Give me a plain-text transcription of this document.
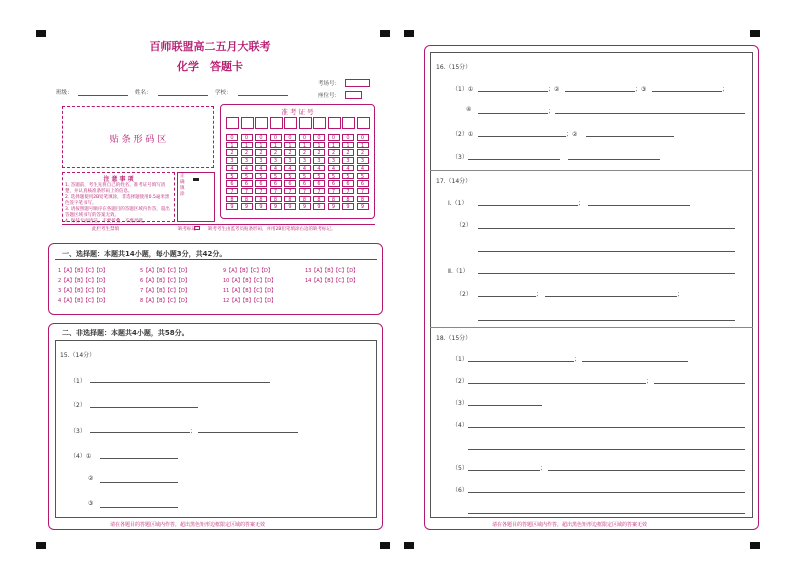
百师联盟高二五月大联考
化学　答题卡
考场号：
座位号：
班级：	姓名：	学校：
贴 条 形 码 区
注 意 事 项
1. 答题前，考生先将自己的姓名、准考证号填写清楚，并认真核准条形码上的信息。
2. 选择题使用2B铅笔填涂，非选择题使用0.5毫米黑色签字笔书写。
3. 请按照题号顺序在各题目的答题区域内作答，超出答题区域书写的答案无效。
4. 保持卡面清洁，不要折叠，不要弄破。
正确填涂
准 考 证 号
0	0	0	0	0	0	0	0	0	0
1	1	1	1	1	1	1	1	1	1
2	2	2	2	2	2	2	2	2	2
3	3	3	3	3	3	3	3	3	3
4	4	4	4	4	4	4	4	4	4
5	5	5	5	5	5	5	5	5	5
6	6	6	6	6	6	6	6	6	6
7	7	7	7	7	7	7	7	7	7
8	8	8	8	8	8	8	8	8	8
9	9	9	9	9	9	9	9	9	9
此栏考生禁填	缺考标记	缺考考生由监考员贴条形码，并用2B铅笔填涂右边的缺考标记。
一、选择题：本题共14小题，每小题3分，共42分。
1【A】【B】【C】【D】
2【A】【B】【C】【D】
3【A】【B】【C】【D】
4【A】【B】【C】【D】
5【A】【B】【C】【D】
6【A】【B】【C】【D】
7【A】【B】【C】【D】
8【A】【B】【C】【D】
9【A】【B】【C】【D】
10【A】【B】【C】【D】
11【A】【B】【C】【D】
12【A】【B】【C】【D】
13【A】【B】【C】【D】
14【A】【B】【C】【D】
二、非选择题：本题共4小题，共58分。
15.（14分）
（1）
（2）
（3）	；
（4）①
②
③
请在各题目的答题区域内作答，超出黑色矩形边框限定区域的答案无效
16.（15分）
（1）①	；②	；③	；
④	；
（2）①	；②
（3）
17.（14分）
Ⅰ.（1）	；
（2）
Ⅱ.（1）
（2）	；	；
18.（15分）
（1）	；
（2）	；
（3）
（4）
（5）	；
（6）
请在各题目的答题区域内作答，超出黑色矩形边框限定区域的答案无效
